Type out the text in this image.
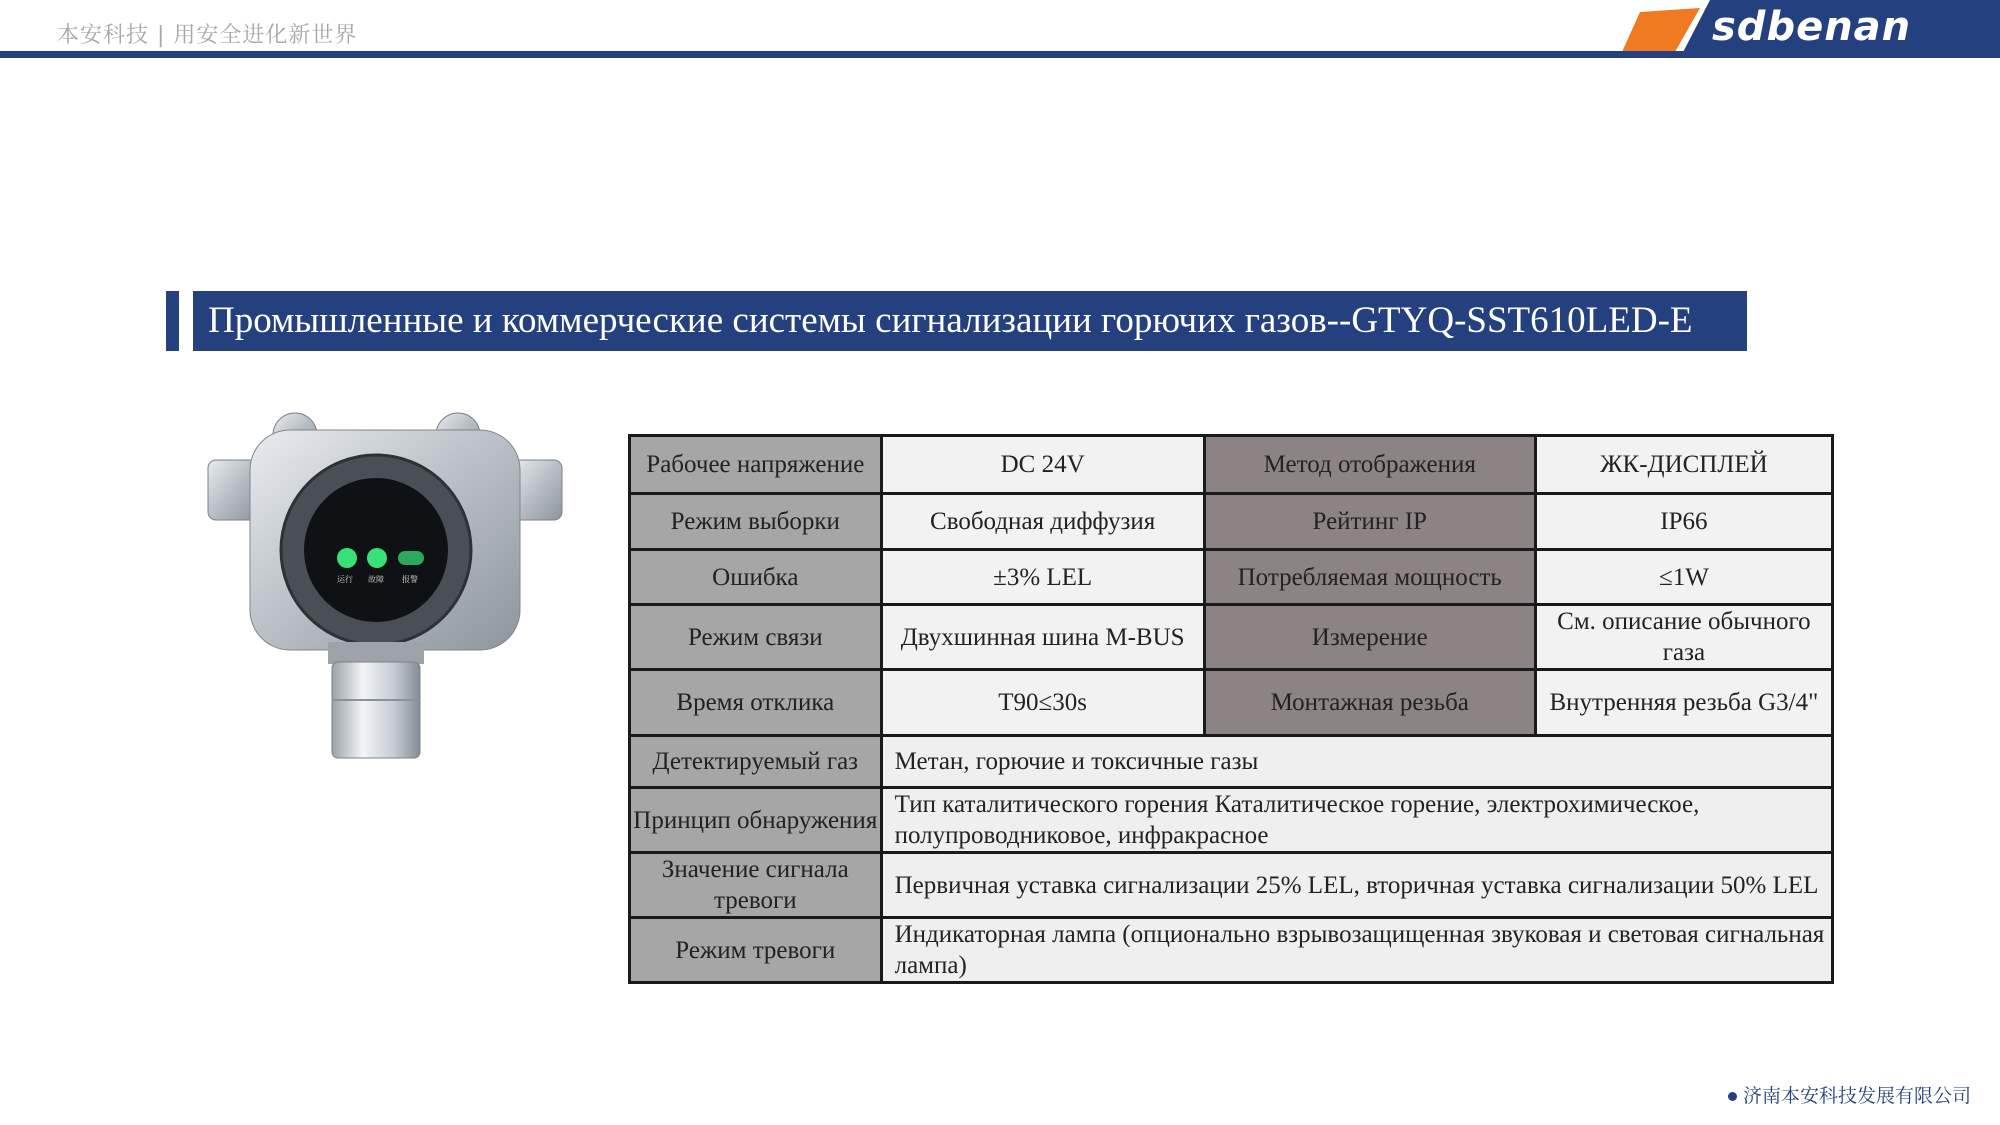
本安科技 | 用安全进化新世界	sdbenan
Промышленные и коммерческие системы сигнализации горючих газов--GTYQ-SST610LED-E
运行 故障 报警
Рабочее напряжение	DC 24V	Метод отображения	ЖК-ДИСПЛЕЙ
Режим выборки	Свободная диффузия	Рейтинг IP	IP66
Ошибка	±3% LEL	Потребляемая мощность	≤1W
Режим связи	Двухшинная шина M-BUS	Измерение	См. описание обычного газа
Время отклика	T90≤30s	Монтажная резьба	Внутренняя резьба G3/4"
Детектируемый газ	Метан, горючие и токсичные газы		
Принцип обнаружения	Тип каталитического горения Каталитическое горение, электрохимическое, полупроводниковое, инфракрасное		
Значение сигнала тревоги	Первичная уставка сигнализации 25% LEL, вторичная уставка сигнализации 50% LEL		
Режим тревоги	Индикаторная лампа (опционально взрывозащищенная звуковая и световая сигнальная лампа)		
济南本安科技发展有限公司
